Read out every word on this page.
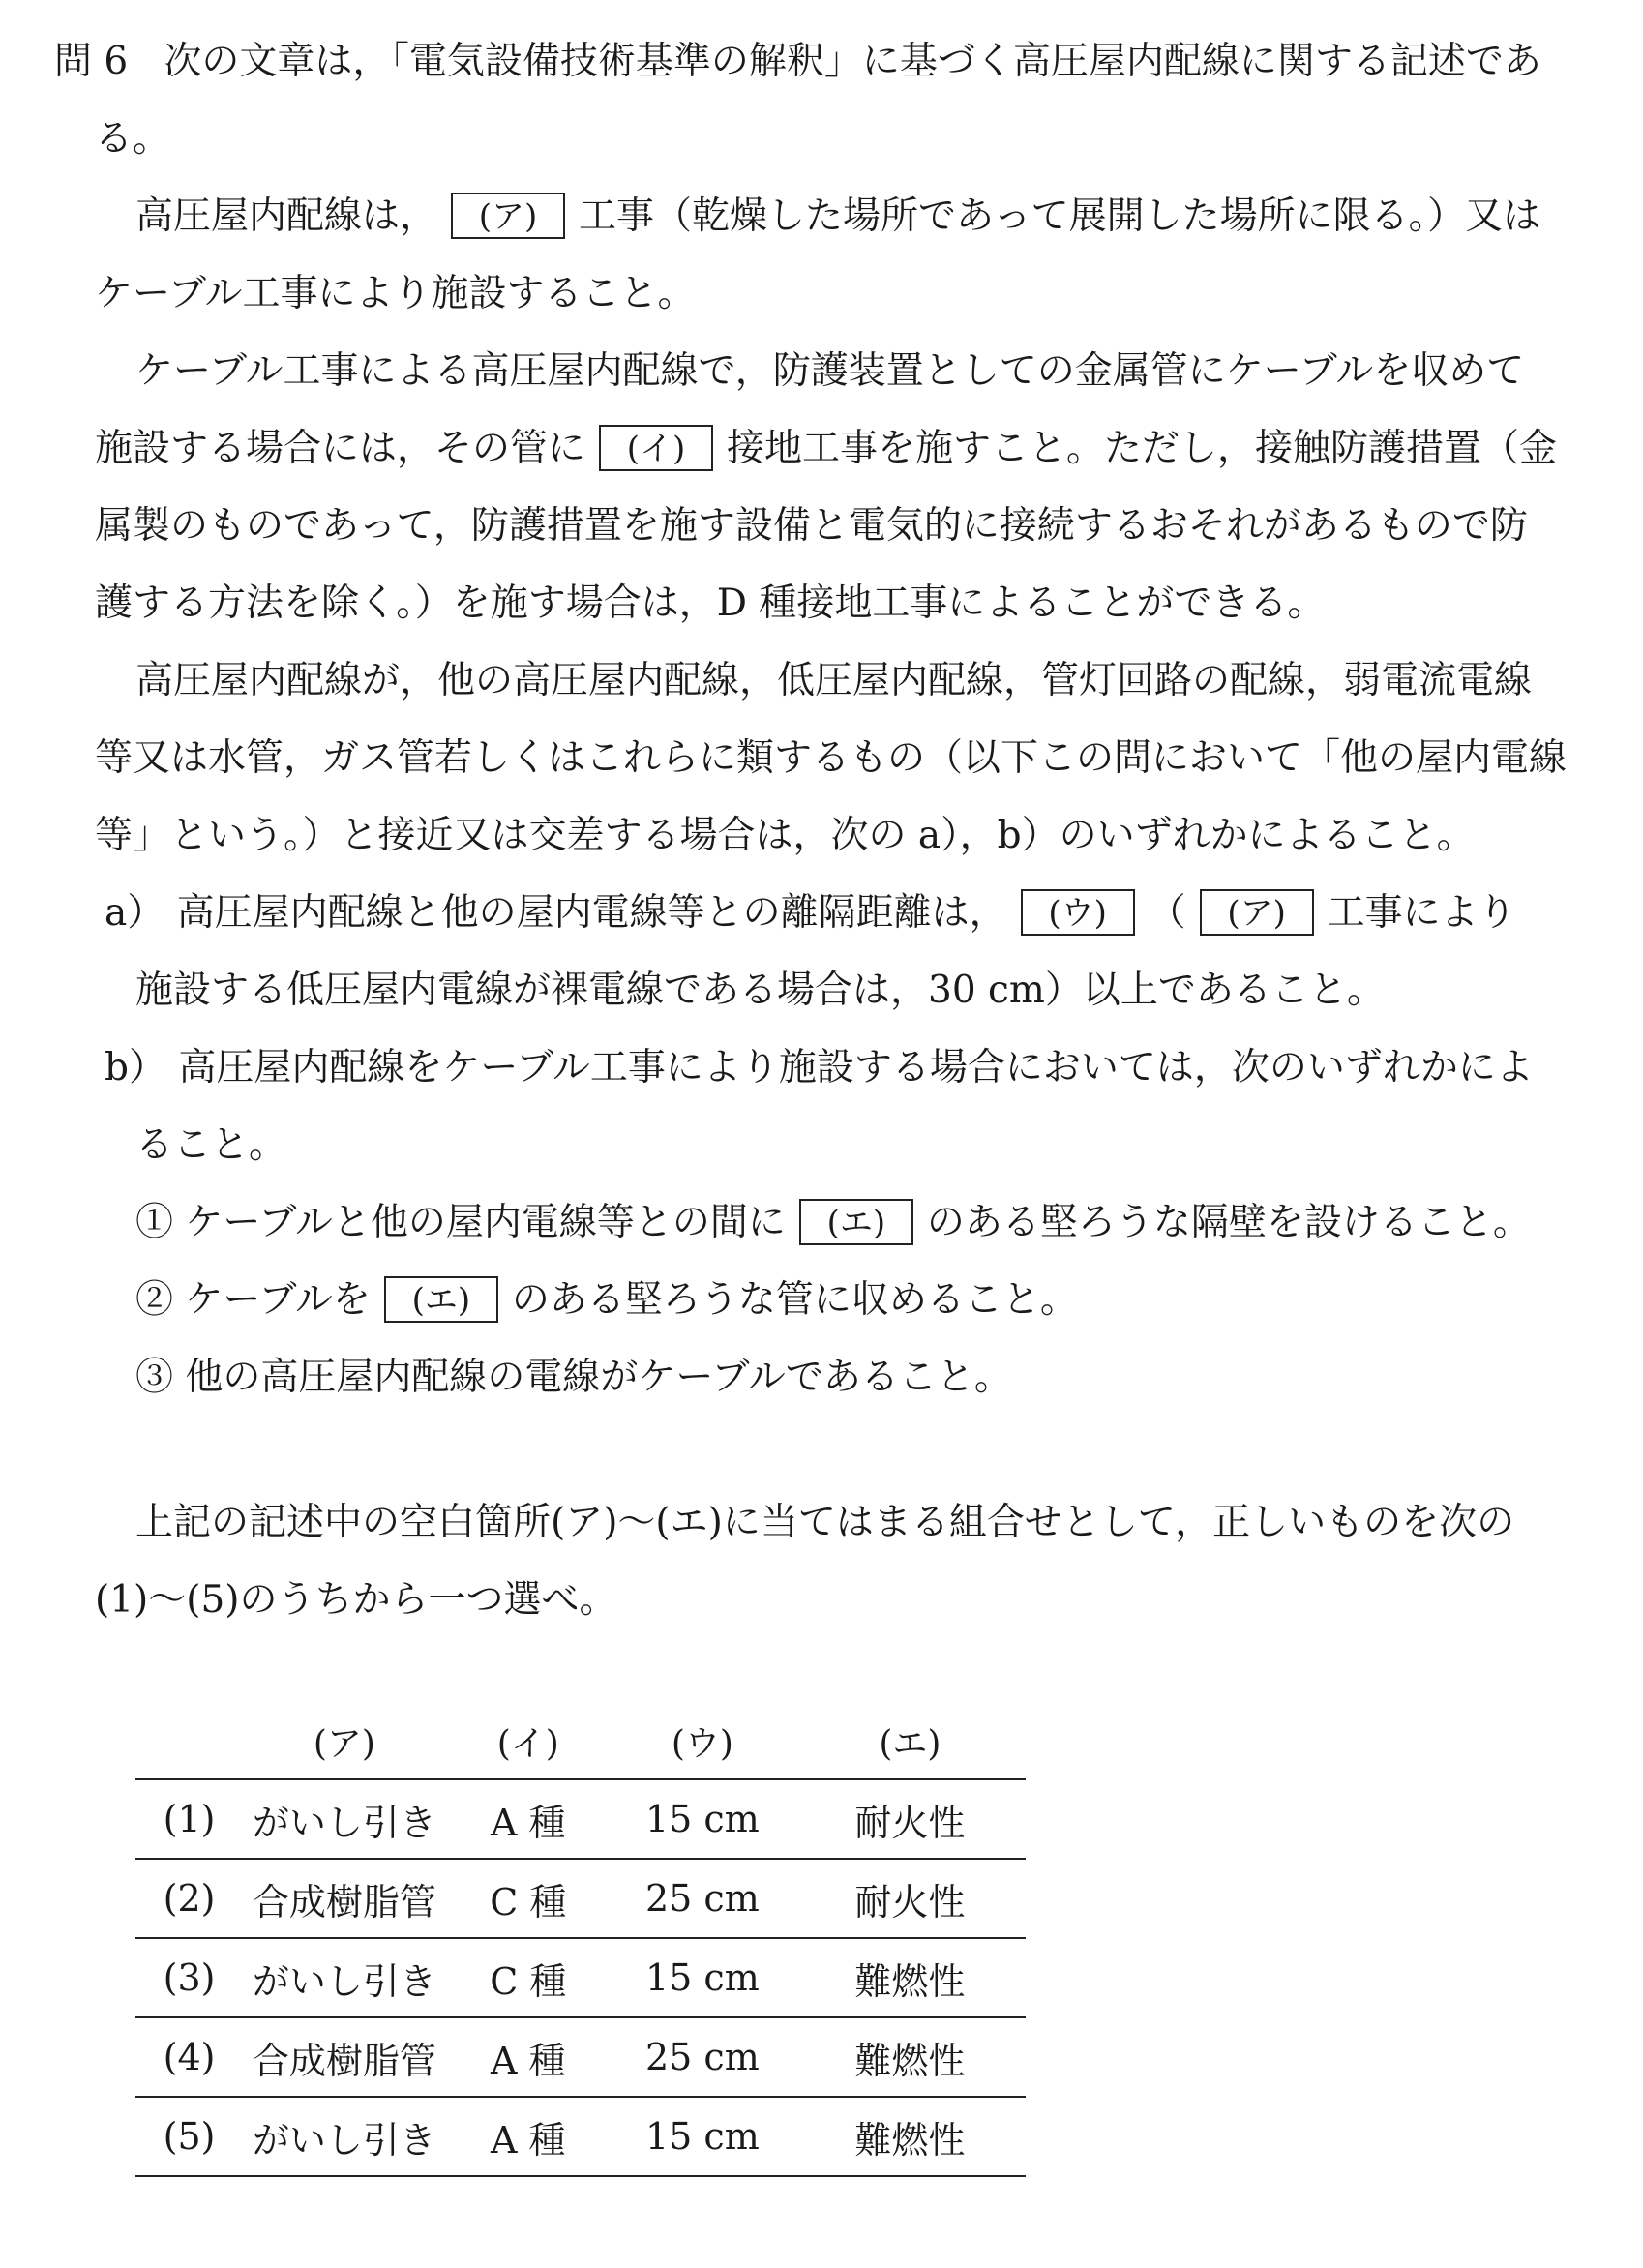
問 6 次の文章は，「電気設備技術基準の解釈」に基づく高圧屋内配線に関する記述であ
る。
高圧屋内配線は， (ア) 工事（乾燥した場所であって展開した場所に限る。）又は
ケーブル工事により施設すること。
ケーブル工事による高圧屋内配線で，防護装置としての金属管にケーブルを収めて
施設する場合には，その管に (イ) 接地工事を施すこと。ただし，接触防護措置（金
属製のものであって，防護措置を施す設備と電気的に接続するおそれがあるもので防
護する方法を除く。）を施す場合は，D 種接地工事によることができる。
高圧屋内配線が，他の高圧屋内配線，低圧屋内配線，管灯回路の配線，弱電流電線
等又は水管，ガス管若しくはこれらに類するもの（以下この問において「他の屋内電線
等」という。）と接近又は交差する場合は，次の a），b）のいずれかによること。
a） 高圧屋内配線と他の屋内電線等との離隔距離は， (ウ) （ (ア) 工事により
施設する低圧屋内電線が裸電線である場合は，30 cm）以上であること。
b） 高圧屋内配線をケーブル工事により施設する場合においては，次のいずれかによ
ること。
① ケーブルと他の屋内電線等との間に (エ) のある堅ろうな隔壁を設けること。
② ケーブルを (エ) のある堅ろうな管に収めること。
③ 他の高圧屋内配線の電線がケーブルであること。
上記の記述中の空白箇所(ア)～(エ)に当てはまる組合せとして，正しいものを次の
(1)～(5)のうちから一つ選べ。
	(ア)	(イ)	(ウ)	(エ)
(1)	がいし引き	A 種	15 cm	耐火性
(2)	合成樹脂管	C 種	25 cm	耐火性
(3)	がいし引き	C 種	15 cm	難燃性
(4)	合成樹脂管	A 種	25 cm	難燃性
(5)	がいし引き	A 種	15 cm	難燃性
